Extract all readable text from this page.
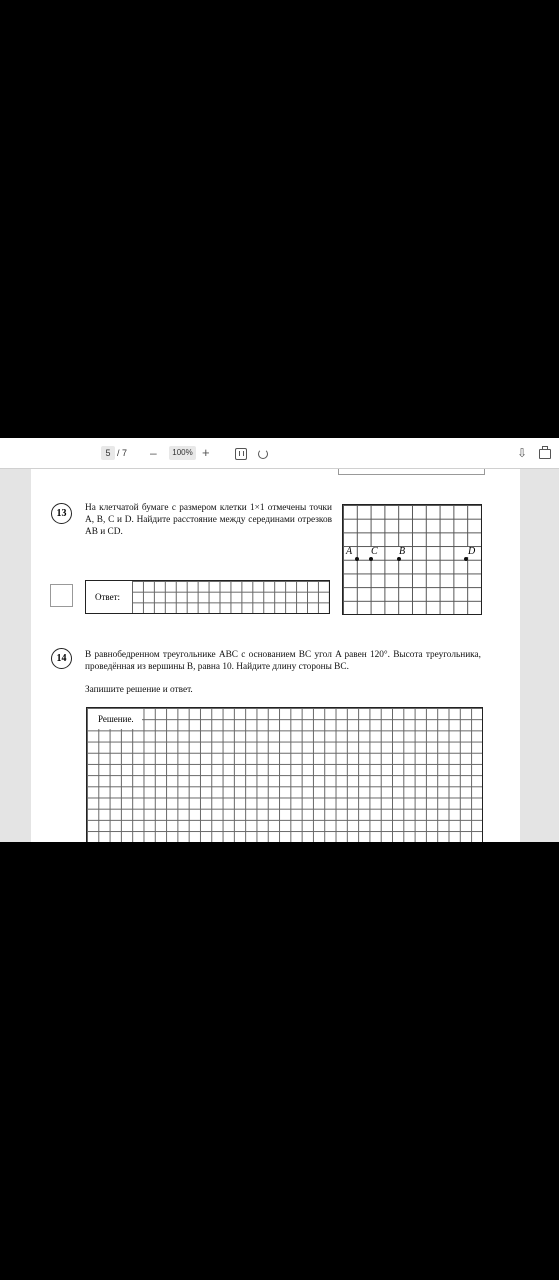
5 / 7 –	100% +	⇩
13	На клетчатой бумаге с размером клетки 1×1 отмечены точки A, B, C и D. Найдите расстояние между серединами отрезков AB и CD.
A C B	D
Ответ:
14	В равнобедренном треугольнике ABC с основанием BC угол A равен 120°. Высота треугольника, проведённая из вершины B, равна 10. Найдите длину стороны BC.
Запишите решение и ответ.
Решение.
